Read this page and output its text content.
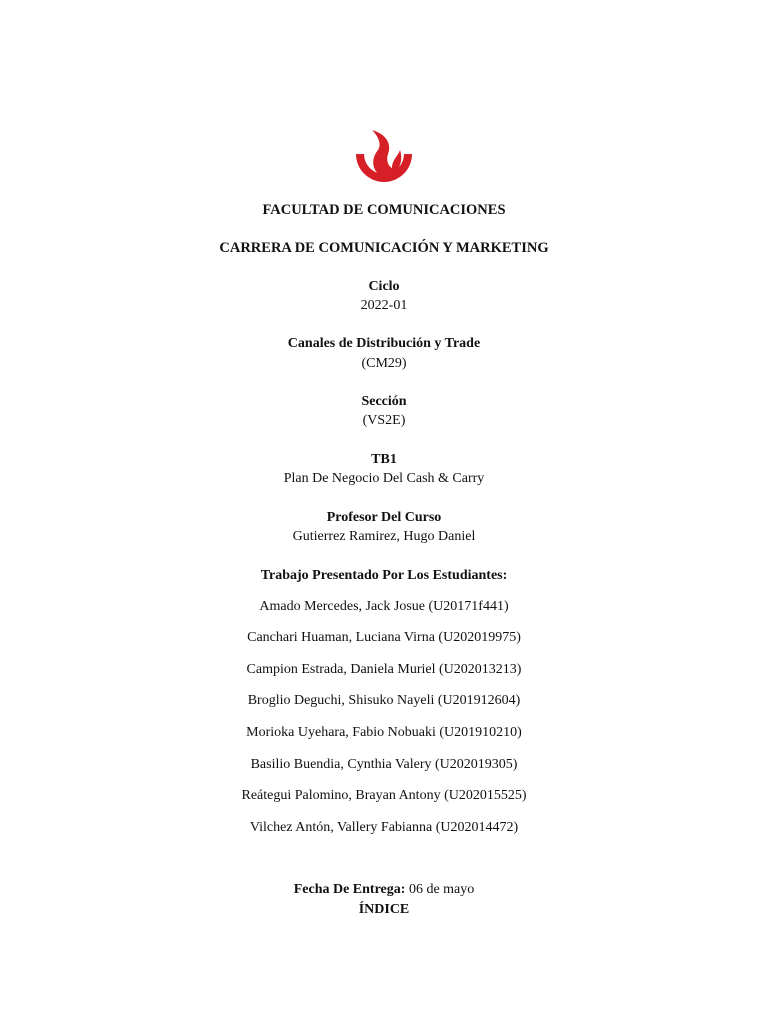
FACULTAD DE COMUNICACIONES
CARRERA DE COMUNICACIÓN Y MARKETING
Ciclo
2022-01
Canales de Distribución y Trade
(CM29)
Sección
(VS2E)
TB1
Plan De Negocio Del Cash & Carry
Profesor Del Curso
Gutierrez Ramirez, Hugo Daniel
Trabajo Presentado Por Los Estudiantes:
Amado Mercedes, Jack Josue (U20171f441)
Canchari Huaman, Luciana Virna (U202019975)
Campion Estrada, Daniela Muriel (U202013213)
Broglio Deguchi, Shisuko Nayeli (U201912604)
Morioka Uyehara, Fabio Nobuaki (U201910210)
Basilio Buendia, Cynthia Valery (U202019305)
Reátegui Palomino, Brayan Antony (U202015525)
Vilchez Antón, Vallery Fabianna (U202014472)
Fecha De Entrega: 06 de mayo
ÍNDICE
